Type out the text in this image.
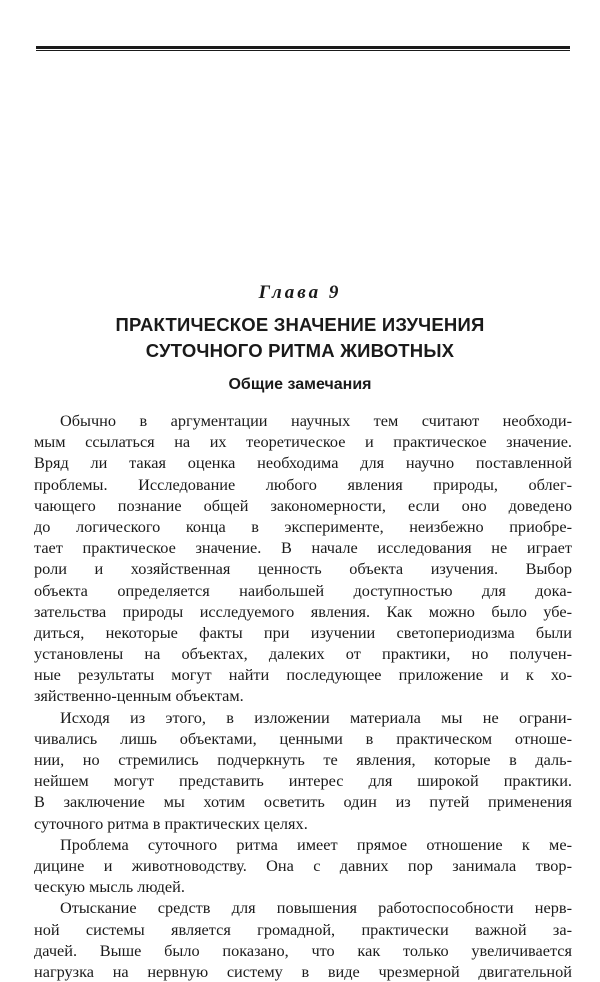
Глава 9
ПРАКТИЧЕСКОЕ ЗНАЧЕНИЕ ИЗУЧЕНИЯ
СУТОЧНОГО РИТМА ЖИВОТНЫХ
Общие замечания
Обычно в аргументации научных тем считают необходи-
мым ссылаться на их теоретическое и практическое значение.
Вряд ли такая оценка необходима для научно поставленной
проблемы. Исследование любого явления природы, облег-
чающего познание общей закономерности, если оно доведено
до логического конца в эксперименте, неизбежно приобре-
тает практическое значение. В начале исследования не играет
роли и хозяйственная ценность объекта изучения. Выбор
объекта определяется наибольшей доступностью для дока-
зательства природы исследуемого явления. Как можно было убе-
диться, некоторые факты при изучении светопериодизма были
установлены на объектах, далеких от практики, но получен-
ные результаты могут найти последующее приложение и к хо-
зяйственно-ценным объектам.
Исходя из этого, в изложении материала мы не ограни-
чивались лишь объектами, ценными в практическом отноше-
нии, но стремились подчеркнуть те явления, которые в даль-
нейшем могут представить интерес для широкой практики.
В заключение мы хотим осветить один из путей применения
суточного ритма в практических целях.
Проблема суточного ритма имеет прямое отношение к ме-
дицине и животноводству. Она с давних пор занимала твор-
ческую мысль людей.
Отыскание средств для повышения работоспособности нерв-
ной системы является громадной, практически важной за-
дачей. Выше было показано, что как только увеличивается
нагрузка на нервную систему в виде чрезмерной двигательной
